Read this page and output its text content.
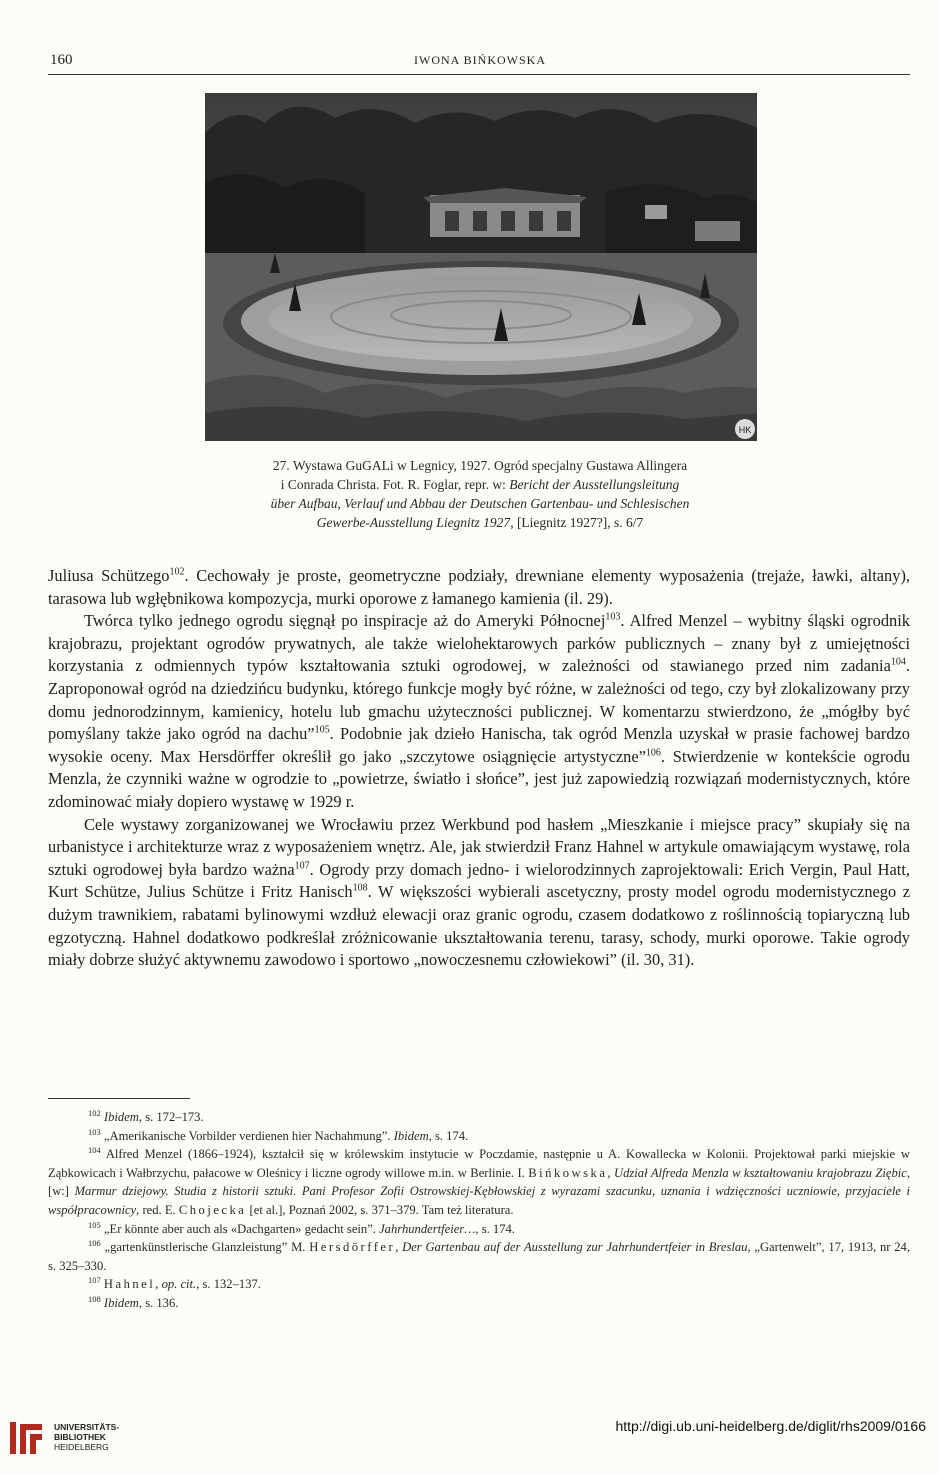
160	IWONA BIŃKOWSKA
HK
27. Wystawa GuGALi w Legnicy, 1927. Ogród specjalny Gustawa Allingera
i Conrada Christa. Fot. R. Foglar, repr. w: Bericht der Ausstellungsleitung
über Aufbau, Verlauf und Abbau der Deutschen Gartenbau- und Schlesischen
Gewerbe-Ausstellung Liegnitz 1927, [Liegnitz 1927?], s. 6/7

Juliusa Schützego$^{102}$. Cechowały je proste, geometryczne podziały, drewniane elementy wyposażenia (trejaże, ławki, altany), tarasowa lub wgłębnikowa kompozycja, murki oporowe z łamanego kamienia (il. 29).

Twórca tylko jednego ogrodu sięgnął po inspiracje aż do Ameryki Północnej$^{103}$. Alfred Menzel – wybitny śląski ogrodnik krajobrazu, projektant ogrodów prywatnych, ale także wielohektarowych parków publicznych – znany był z umiejętności korzystania z odmiennych typów kształtowania sztuki ogrodowej, w zależności od stawianego przed nim zadania$^{104}$. Zaproponował ogród na dziedzińcu budynku, którego funkcje mogły być różne, w zależności od tego, czy był zlokalizowany przy domu jednorodzinnym, kamienicy, hotelu lub gmachu użyteczności publicznej. W komentarzu stwierdzono, że „mógłby być pomyślany także jako ogród na dachu”$^{105}$. Podobnie jak dzieło Hanischa, tak ogród Menzla uzyskał w prasie fachowej bardzo wysokie oceny. Max Hersdörffer określił go jako „szczytowe osiągnięcie artystyczne”$^{106}$. Stwierdzenie w kontekście ogrodu Menzla, że czynniki ważne w ogrodzie to „powietrze, światło i słońce”, jest już zapowiedzią rozwiązań modernistycznych, które zdominować miały dopiero wystawę w 1929 r.

Cele wystawy zorganizowanej we Wrocławiu przez Werkbund pod hasłem „Mieszkanie i miejsce pracy” skupiały się na urbanistyce i architekturze wraz z wyposażeniem wnętrz. Ale, jak stwierdził Franz Hahnel w artykule omawiającym wystawę, rola sztuki ogrodowej była bardzo ważna$^{107}$. Ogrody przy domach jedno- i wielorodzinnych zaprojektowali: Erich Vergin, Paul Hatt, Kurt Schütze, Julius Schütze i Fritz Hanisch$^{108}$. W większości wybierali ascetyczny, prosty model ogrodu modernistycznego z dużym trawnikiem, rabatami bylinowymi wzdłuż elewacji oraz granic ogrodu, czasem dodatkowo z roślinnością topiaryczną lub egzotyczną. Hahnel dodatkowo podkreślał zróżnicowanie ukształtowania terenu, tarasy, schody, murki oporowe. Takie ogrody miały dobrze służyć aktywnemu zawodowo i sportowo „nowoczesnemu człowiekowi” (il. 30, 31).

$^{102}$ Ibidem, s. 172–173.

$^{103}$ „Amerikanische Vorbilder verdienen hier Nachahmung”. Ibidem, s. 174.

$^{104}$ Alfred Menzel (1866–1924), kształcił się w królewskim instytucie w Poczdamie, następnie u A. Kowallecka w Kolonii. Projektował parki miejskie w Ząbkowicach i Wałbrzychu, pałacowe w Oleśnicy i liczne ogrody willowe m.in. w Berlinie. I. Bińkowska, Udział Alfreda Menzla w kształtowaniu krajobrazu Ziębic, [w:] Marmur dziejowy. Studia z historii sztuki. Pani Profesor Zofii Ostrowskiej-Kębłowskiej z wyrazami szacunku, uznania i wdzięczności uczniowie, przyjaciele i współpracownicy, red. E. Chojecka [et al.], Poznań 2002, s. 371–379. Tam też literatura.

$^{105}$ „Er könnte aber auch als «Dachgarten» gedacht sein”. Jahrhundertfeier…, s. 174.

$^{106}$ „gartenkünstlerische Glanzleistung” M. Hersdörffer, Der Gartenbau auf der Ausstellung zur Jahrhundertfeier in Breslau, „Gartenwelt”, 17, 1913, nr 24, s. 325–330.

$^{107}$ Hahnel, op. cit., s. 132–137.

$^{108}$ Ibidem, s. 136.

UNIVERSITÄTS-
BIBLIOTHEK
HEIDELBERG
http://digi.ub.uni-heidelberg.de/diglit/rhs2009/0166
